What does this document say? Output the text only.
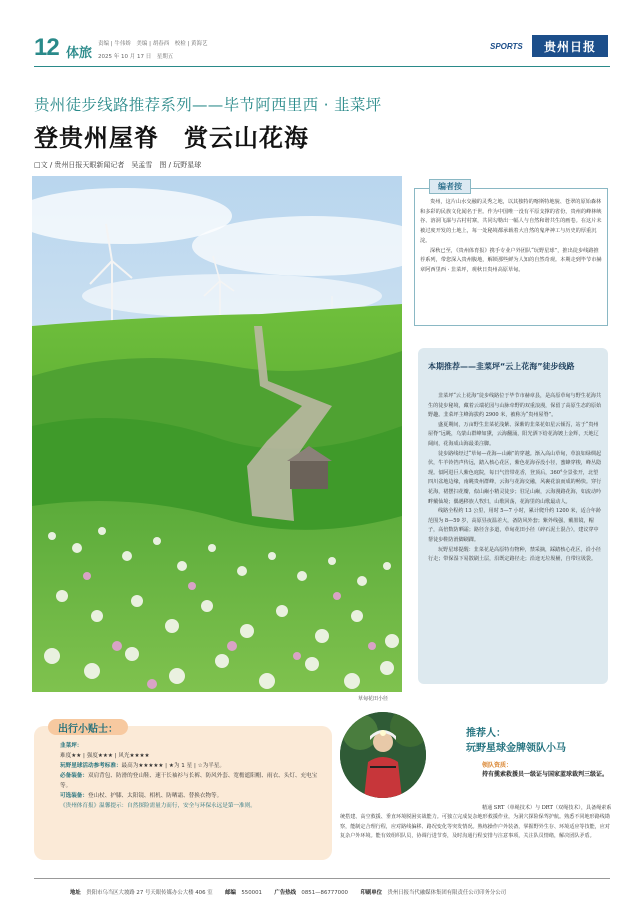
12 体旅
责编 | 牛伟娇　美编 | 胡春西　校检 | 黄海艺
2025 年 10 月 17 日　星期五
SPORTS	贵州日报
贵州徒步线路推荐系列——毕节阿西里西 · 韭菜坪
登贵州屋脊　赏云山花海
□文 / 贵州日报天眼新闻记者　吴孟雪　图 / 玩野星球
草甸花田小径
编者按

贵州，这片山水交融的灵秀之地，以其独特的喀斯特地貌、苍翠的原始森林和多彩的民族文化闻名于世。作为中国唯一没有平原支撑的省份，贵州的峰林峡谷、溶洞飞瀑与古村村寨，共同勾勒出一幅人与自然和谐共生的画卷。在这片未被过度开发的土地上，每一处秘境都承载着大自然的鬼斧神工与历史的厚重沉淀。

深秋已至，《贵州体育报》携手专业户外团队“玩野星球”，推出徒步线路推荐系列，带您深入贵州腹地，解锁那些鲜为人知的自然奇观。本期走到毕节市赫章阿西里西 · 韭菜坪，观秋日贵州高原草甸。

本期推荐——韭菜坪“云上花海”徒步线路

韭菜坪“云上花海”徒步线路位于毕节市赫章县，是高原草甸与野生花海共生的徒步秘境，藏着云端花园与山脉牵野的双重浪漫，保留了高原生态的原始野趣。韭菜坪主峰海拔约 2900 米，被称为“贵州屋脊”。

盛夏期间，万亩野生韭菜花浅紫、深紫的韭菜花如星云倾泻，站于“贵州屋脊”远眺，乌蒙山群峰如黛，云海翻涌，阳光洒下给花海镀上金辉，天地辽阔间，花海成山海最柔注脚。

徒步路线经过“草甸—花海—山巅”的穿越。渐入高山草甸，草浪如绿绸起伏，牛羊铃铛声传远，踏入核心花区，紫色花海吞没小径，蜜蜂穿梭，峰丛隐现。似阿进巨人紫色庭院，每日气管带花香，登顶后，360°全景张开，北望四川盆地边缘，南眺贵州群峰，云海与花海交融，风裹花浪而成的畅快。穿行花海，裙摆扫花瓣，似山巅小精灵徒步；驻足山巅，云海漫路花海，如流动吟畔戴仙境；偶遇移族人牧归，山歌回荡，花海里的山歌最动人。

线路全程约 13 公里，用时 5—7 小时，累计爬升约 1200 米，适合年龄范围为 8—59 岁，高原昼夜温差大，备防风外套；紫外线强，戴墨镜，帽子，高倍数防晒霜；路径含多道，草甸花田小径（碎石泥土混合），建议穿中帮徒步鞋防滑脚刷踝。

玩野星球提醒：韭菜花是高原特有物种，禁采摘，踩踏核心花区，沿小径行走；带保湿下易散刷土层，沿既定路径走；沿途无垃圾桶，自带垃圾袋。

出行小贴士：
韭菜坪：
难度★★ | 强度★★★ | 风光★★★★
玩野星球活动参考标准：最高为★★★★★ | ★为 1 星 | ☆为半星。
必备装备：双肩背包、防滑的登山鞋、速干长袖衫与长裤、防风外套、宽檐遮阳帽、雨衣、头灯、充电宝等。
可选装备：登山杖、护膝、太阳镜、相机、防晒霜、替换衣物等。
《贵州体育报》温馨提示：自然探险需量力而行，安全与环保永远是第一准则。
推荐人：
玩野星球金牌领队小马
领队资质：
持有揽索救援员一级证与国家蓝球裁判三级证。
精通 SRT（单绳技术）与 DRT（双绳技术），具备绳索系统搭建、高空救援、垂直环境脱困实战能力。可独立完成复杂地形救援作业，为洞穴探险保驾护航。熟悉不同地形路线勘察，能制定合理行程，应对路线偏移、路况变化等突发情况。熟练操作户外装备，掌握野外生存、环境适应等技能，应对复杂户外环境。能有效组织队员，协调行进节奏，及时沟通行程安排与注意事项，关注队员情绪，解决团队矛盾。
地址　 贵阳市乌当区大坡路 27 号天眼传媒办公大楼 406 室　　 邮编　 550001　　 广告热线　 0851—86777000　　 印刷单位　 贵州日报当代融媒体集团有限责任公司印务分公司
